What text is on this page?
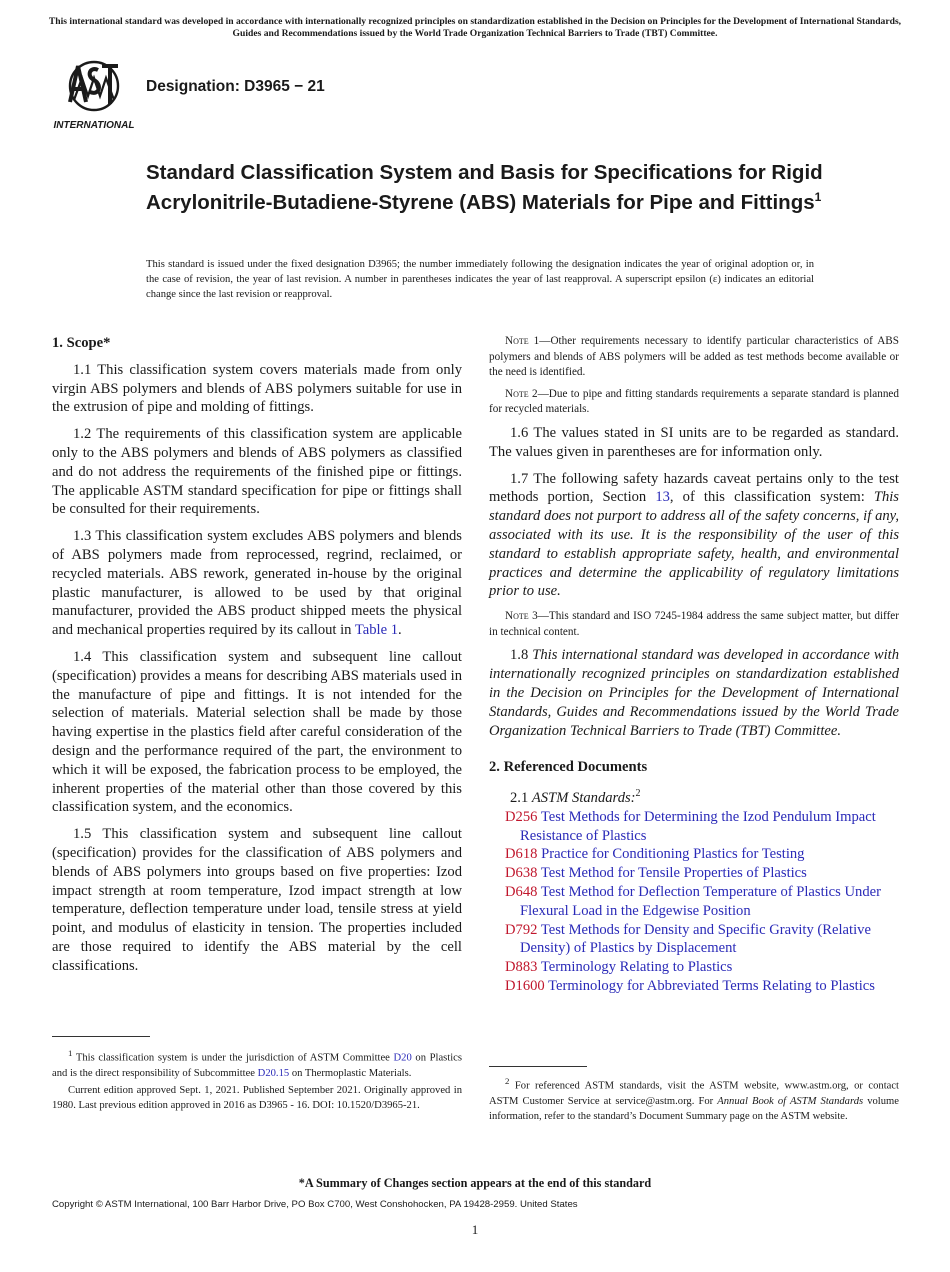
This international standard was developed in accordance with internationally recognized principles on standardization established in the Decision on Principles for the Development of International Standards, Guides and Recommendations issued by the World Trade Organization Technical Barriers to Trade (TBT) Committee.
INTERNATIONAL
Designation: D3965 − 21
Standard Classification System and Basis for Specifications for Rigid Acrylonitrile-Butadiene-Styrene (ABS) Materials for Pipe and Fittings$^1$
This standard is issued under the fixed designation D3965; the number immediately following the designation indicates the year of original adoption or, in the case of revision, the year of last revision. A number in parentheses indicates the year of last reapproval. A superscript epsilon (ε) indicates an editorial change since the last revision or reapproval.
1. Scope*

1.1 This classification system covers materials made from only virgin ABS polymers and blends of ABS polymers suitable for use in the extrusion of pipe and molding of fittings.

1.2 The requirements of this classification system are applicable only to the ABS polymers and blends of ABS polymers as classified and do not address the requirements of the finished pipe or fittings. The applicable ASTM standard specification for pipe or fittings shall be consulted for their requirements.

1.3 This classification system excludes ABS polymers and blends of ABS polymers made from reprocessed, regrind, reclaimed, or recycled materials. ABS rework, generated in-house by the original plastic manufacturer, is allowed to be used by that original manufacturer, provided the ABS product shipped meets the physical and mechanical properties required by its callout in Table 1.

1.4 This classification system and subsequent line callout (specification) provides a means for describing ABS materials used in the manufacture of pipe and fittings. It is not intended for the selection of materials. Material selection shall be made by those having expertise in the plastics field after careful consideration of the design and the performance required of the part, the environment to which it will be exposed, the fabrication process to be employed, the inherent properties of the material other than those covered by this classification system, and the economics.

1.5 This classification system and subsequent line callout (specification) provides for the classification of ABS polymers and blends of ABS polymers into groups based on five properties: Izod impact strength at room temperature, Izod impact strength at low temperature, deflection temperature under load, tensile stress at yield point, and modulus of elasticity in tension. The properties included are those required to identify the ABS material by the cell classifications.

Note 1—Other requirements necessary to identify particular characteristics of ABS polymers and blends of ABS polymers will be added as test methods become available or the need is identified.

Note 2—Due to pipe and fitting standards requirements a separate standard is planned for recycled materials.

1.6 The values stated in SI units are to be regarded as standard. The values given in parentheses are for information only.

1.7 The following safety hazards caveat pertains only to the test methods portion, Section 13, of this classification system: This standard does not purport to address all of the safety concerns, if any, associated with its use. It is the responsibility of the user of this standard to establish appropriate safety, health, and environmental practices and determine the applicability of regulatory limitations prior to use.

Note 3—This standard and ISO 7245-1984 address the same subject matter, but differ in technical content.

1.8 This international standard was developed in accordance with internationally recognized principles on standardization established in the Decision on Principles for the Development of International Standards, Guides and Recommendations issued by the World Trade Organization Technical Barriers to Trade (TBT) Committee.

2. Referenced Documents

2.1 ASTM Standards:$^2$

D256 Test Methods for Determining the Izod Pendulum Impact Resistance of Plastics

D618 Practice for Conditioning Plastics for Testing

D638 Test Method for Tensile Properties of Plastics

D648 Test Method for Deflection Temperature of Plastics Under Flexural Load in the Edgewise Position

D792 Test Methods for Density and Specific Gravity (Relative Density) of Plastics by Displacement

D883 Terminology Relating to Plastics

D1600 Terminology for Abbreviated Terms Relating to Plastics

$^1$ This classification system is under the jurisdiction of ASTM Committee D20 on Plastics and is the direct responsibility of Subcommittee D20.15 on Thermoplastic Materials.

Current edition approved Sept. 1, 2021. Published September 2021. Originally approved in 1980. Last previous edition approved in 2016 as D3965 - 16. DOI: 10.1520/D3965-21.

$^2$ For referenced ASTM standards, visit the ASTM website, www.astm.org, or contact ASTM Customer Service at service@astm.org. For Annual Book of ASTM Standards volume information, refer to the standard’s Document Summary page on the ASTM website.

*A Summary of Changes section appears at the end of this standard
Copyright © ASTM International, 100 Barr Harbor Drive, PO Box C700, West Conshohocken, PA 19428-2959. United States
1
